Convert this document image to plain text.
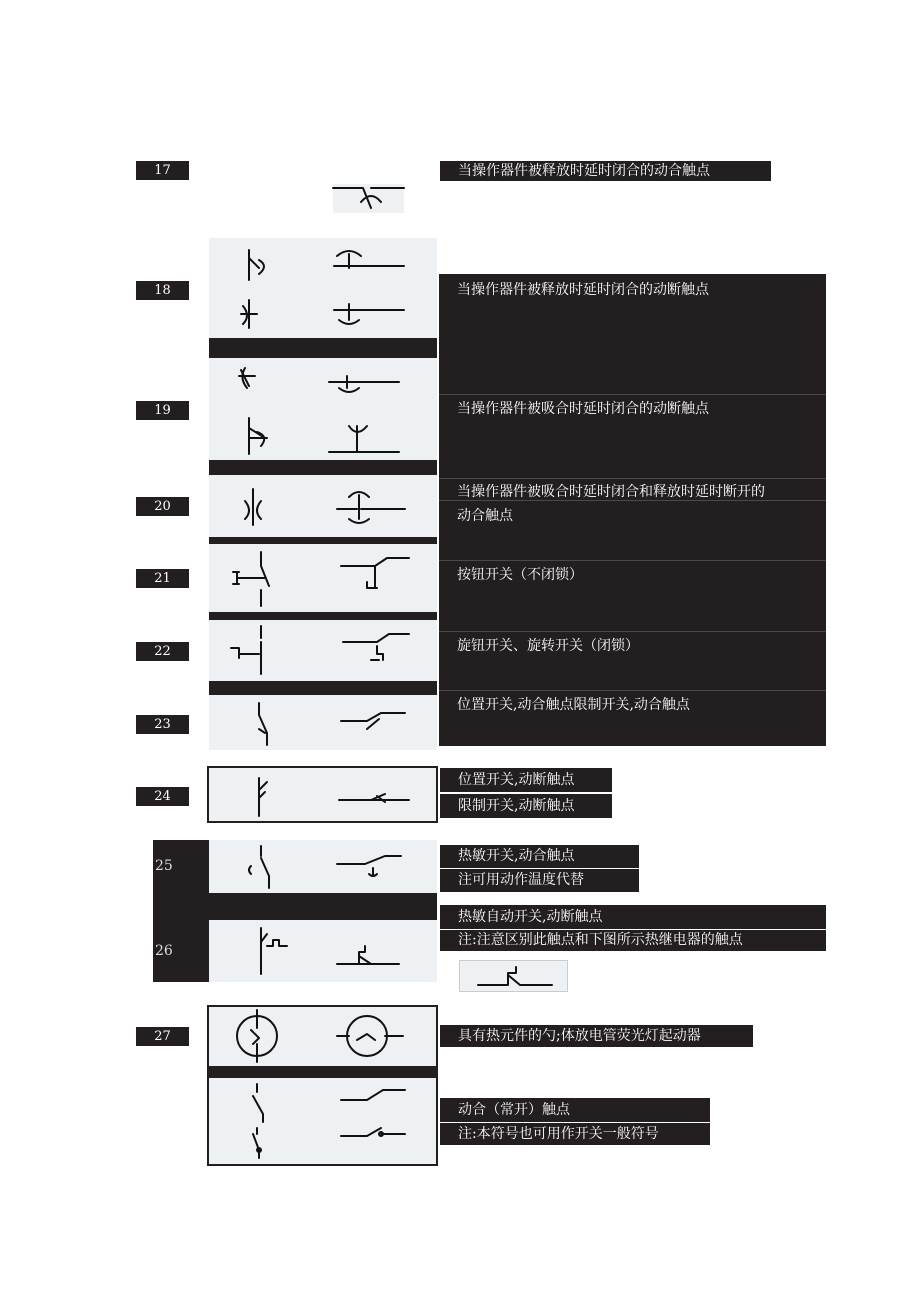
17	当操作器件被释放时延时闭合的动合触点
18
19
20
21
22
23
当操作器件被释放时延时闭合的动断触点
当操作器件被吸合时延时闭合的动断触点
当操作器件被吸合时延时闭合和释放时延时断开的
动合触点
按钮开关（不闭锁）
旋钮开关、旋转开关（闭锁）
位置开关,动合触点限制开关,动合触点
24
位置开关,动断触点
限制开关,动断触点
25
26
热敏开关,动合触点
注可用动作温度代替
热敏自动开关,动断触点
注:注意区别此触点和下图所示热继电器的触点
27	具有热元件的勺;体放电管荧光灯起动器
动合（常开）触点
注:本符号也可用作开关一般符号
